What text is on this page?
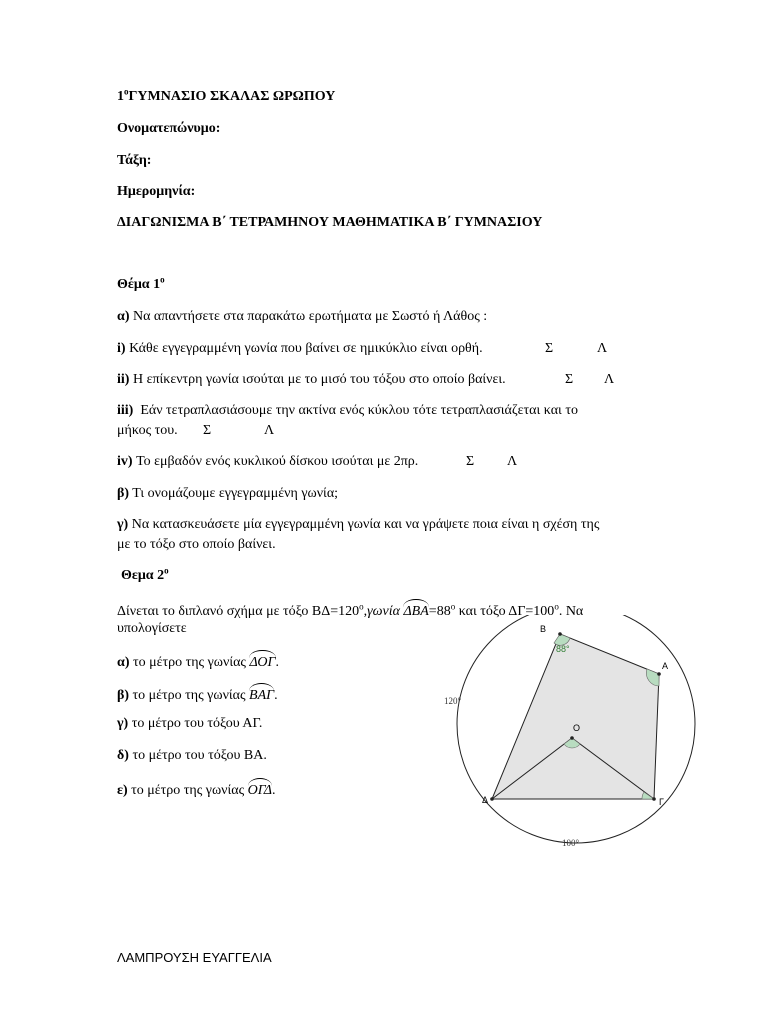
$1^o\Gamma\Upsilon MNA\Sigma IO$ ΣΚΑΛΑΣ ΩΡΩΠΟΥ
Ονοματεπώνυμο:
Τάξη:
Ημερομηνία:
ΔΙΑΓΩΝΙΣΜΑ Β΄ ΤΕΤΡΑΜΗΝΟΥ ΜΑΘΗΜΑΤΙΚΑ Β΄ ΓΥΜΝΑΣΙΟΥ
Θέμα $1^o$
α) Να απαντήσετε στα παρακάτω ερωτήματα με Σωστό ή Λάθος :
i) Κάθε εγγεγραμμένη γωνία που βαίνει σε ημικύκλιο είναι ορθή.	Σ	Λ
ii) Η επίκεντρη γωνία ισούται με το μισό του τόξου στο οποίο βαίνει.	Σ Λ
iii) Εάν τετραπλασιάσουμε την ακτίνα ενός κύκλου τότε τετραπλασιάζεται και το
μήκος του. Σ	Λ
iv) Το εμβαδόν ενός κυκλικού δίσκου ισούται με 2πρ.	Σ Λ
β) Τι ονομάζουμε εγγεγραμμένη γωνία;
γ) Να κατασκευάσετε μία εγγεγραμμένη γωνία και να γράψετε ποια είναι η σχέση της
με το τόξο στο οποίο βαίνει.
Θεμα $2^o$
Δίνεται το διπλανό σχήμα με τόξο $B\Delta=120^o,\gamma\omega\nu ί\alpha$ $\Delta BA=88^o$ και τόξο $\Delta\Gamma=100^o$. Να
υπολογίσετε
α) το μέτρο της γωνίας ΔΟΓ.
β) το μέτρο της γωνίας ΒΑΓ.
γ) το μέτρο του τόξου ΑΓ.
δ) το μέτρο του τόξου ΒΑ.
ε) το μέτρο της γωνίας ΟΓΔ.
Β
Α
Ο
Δ	Γ
88°
120°
100°
ΛΑΜΠΡΟΥΣΗ ΕΥΑΓΓΕΛΙΑ
